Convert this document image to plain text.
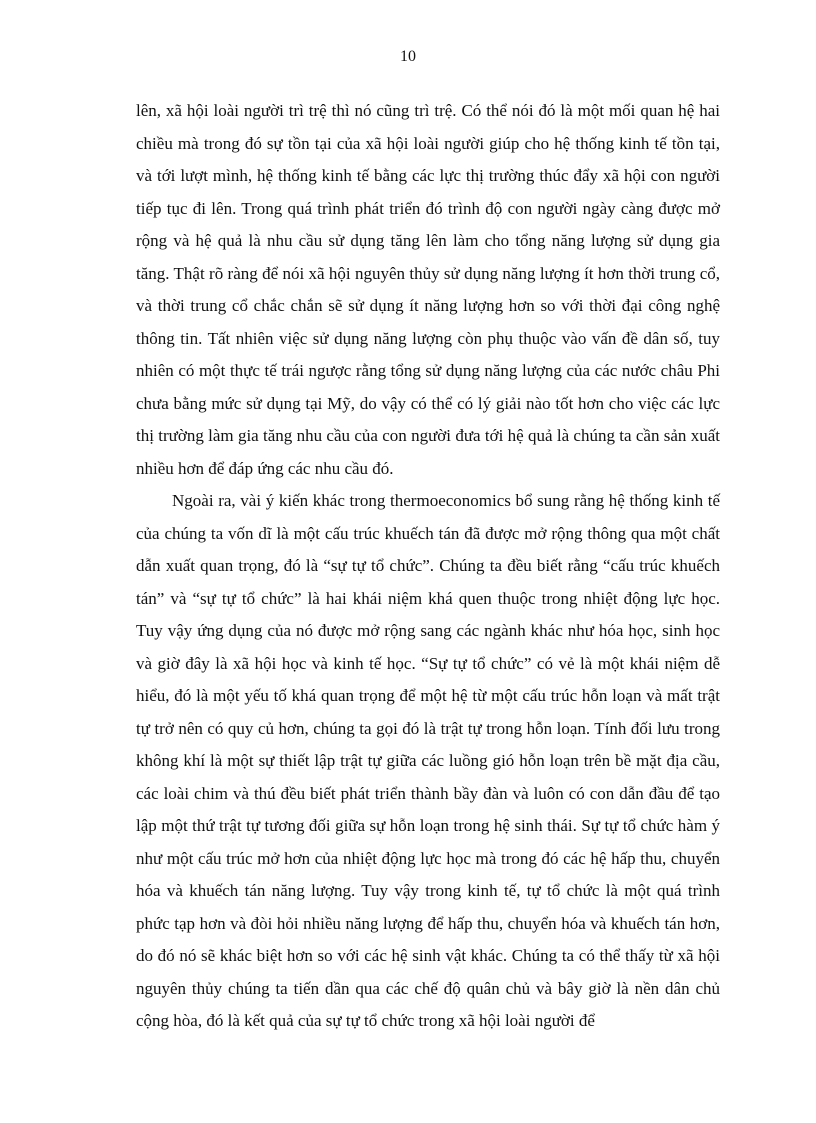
10

lên, xã hội loài người trì trệ thì nó cũng trì trệ. Có thể nói đó là một mối quan hệ hai chiều mà trong đó sự tồn tại của xã hội loài người giúp cho hệ thống kinh tế tồn tại, và tới lượt mình, hệ thống kinh tế bằng các lực thị trường thúc đẩy xã hội con người tiếp tục đi lên. Trong quá trình phát triển đó trình độ con người ngày càng được mở rộng và hệ quả là nhu cầu sử dụng tăng lên làm cho tổng năng lượng sử dụng gia tăng. Thật rõ ràng để nói xã hội nguyên thủy sử dụng năng lượng ít hơn thời trung cổ, và thời trung cổ chắc chắn sẽ sử dụng ít năng lượng hơn so với thời đại công nghệ thông tin. Tất nhiên việc sử dụng năng lượng còn phụ thuộc vào vấn đề dân số, tuy nhiên có một thực tế trái ngược rằng tổng sử dụng năng lượng của các nước châu Phi chưa bằng mức sử dụng tại Mỹ, do vậy có thể có lý giải nào tốt hơn cho việc các lực thị trường làm gia tăng nhu cầu của con người đưa tới hệ quả là chúng ta cần sản xuất nhiều hơn để đáp ứng các nhu cầu đó.

Ngoài ra, vài ý kiến khác trong thermoeconomics bổ sung rằng hệ thống kinh tế của chúng ta vốn dĩ là một cấu trúc khuếch tán đã được mở rộng thông qua một chất dẫn xuất quan trọng, đó là “sự tự tổ chức”. Chúng ta đều biết rằng “cấu trúc khuếch tán” và “sự tự tổ chức” là hai khái niệm khá quen thuộc trong nhiệt động lực học. Tuy vậy ứng dụng của nó được mở rộng sang các ngành khác như hóa học, sinh học và giờ đây là xã hội học và kinh tế học. “Sự tự tổ chức” có vẻ là một khái niệm dễ hiểu, đó là một yếu tố khá quan trọng để một hệ từ một cấu trúc hỗn loạn và mất trật tự trở nên có quy củ hơn, chúng ta gọi đó là trật tự trong hỗn loạn. Tính đối lưu trong không khí là một sự thiết lập trật tự giữa các luồng gió hỗn loạn trên bề mặt địa cầu, các loài chim và thú đều biết phát triển thành bầy đàn và luôn có con dẫn đầu để tạo lập một thứ trật tự tương đối giữa sự hỗn loạn trong hệ sinh thái. Sự tự tổ chức hàm ý như một cấu trúc mở hơn của nhiệt động lực học mà trong đó các hệ hấp thu, chuyển hóa và khuếch tán năng lượng. Tuy vậy trong kinh tế, tự tổ chức là một quá trình phức tạp hơn và đòi hỏi nhiều năng lượng để hấp thu, chuyển hóa và khuếch tán hơn, do đó nó sẽ khác biệt hơn so với các hệ sinh vật khác. Chúng ta có thể thấy từ xã hội nguyên thủy chúng ta tiến dần qua các chế độ quân chủ và bây giờ là nền dân chủ cộng hòa, đó là kết quả của sự tự tổ chức trong xã hội loài người để
